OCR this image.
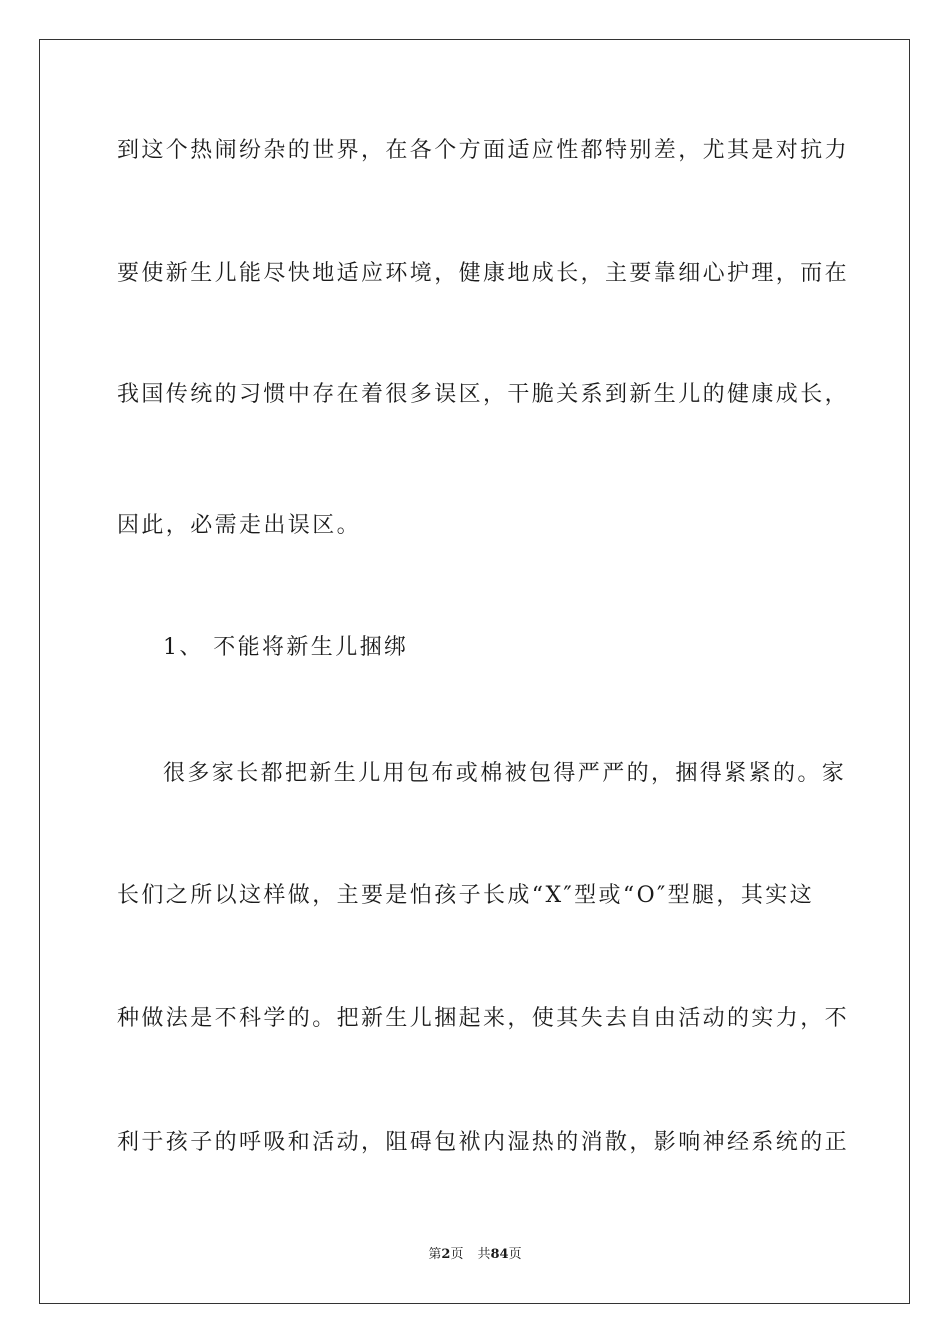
到这个热闹纷杂的世界，在各个方面适应性都特别差，尤其是对抗力
要使新生儿能尽快地适应环境，健康地成长，主要靠细心护理，而在
我国传统的习惯中存在着很多误区，干脆关系到新生儿的健康成长，
因此，必需走出误区。
1、 不能将新生儿捆绑
很多家长都把新生儿用包布或棉被包得严严的，捆得紧紧的。家
长们之所以这样做，主要是怕孩子长成“X″型或“O″型腿，其实这
种做法是不科学的。把新生儿捆起来，使其失去自由活动的实力，不
利于孩子的呼吸和活动，阻碍包袱内湿热的消散，影响神经系统的正
第2页 共84页
